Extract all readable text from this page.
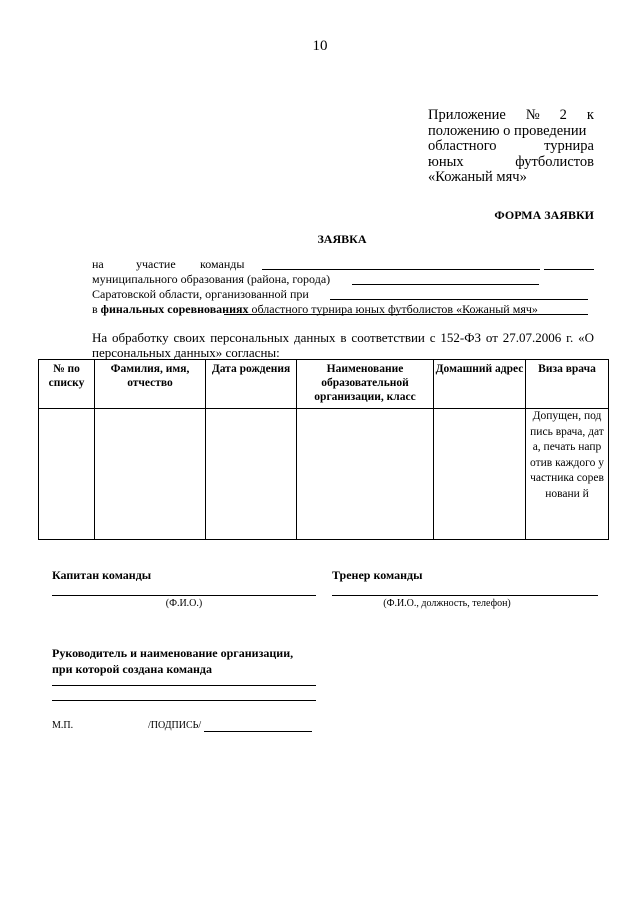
10
Приложение № 2 к
положению о проведении
областного	турнира
юных	футболистов
«Кожаный мяч»
ФОРМА ЗАЯВКИ
ЗАЯВКА
на	участие команды
муниципального образования (района, города)
Саратовской области, организованной при
в финальных соревнованиях областного турнира юных футболистов «Кожаный мяч»
На обработку своих персональных данных в соответствии с 152-ФЗ от 27.07.2006 г. «О персональных данных» согласны:
№ по списку	Фамилия, имя, отчество	Дата рождения	Наименование образовательной организации, класс	Домашний адрес	Виза врача
					Допущен, подпись врача, дата, печать напротив каждого участника соревновани й
Капитан команды
(Ф.И.О.)
Тренер команды
(Ф.И.О., должность, телефон)
Руководитель и наименование организации,
при которой создана команда
М.П.	/ПОДПИСЬ/
